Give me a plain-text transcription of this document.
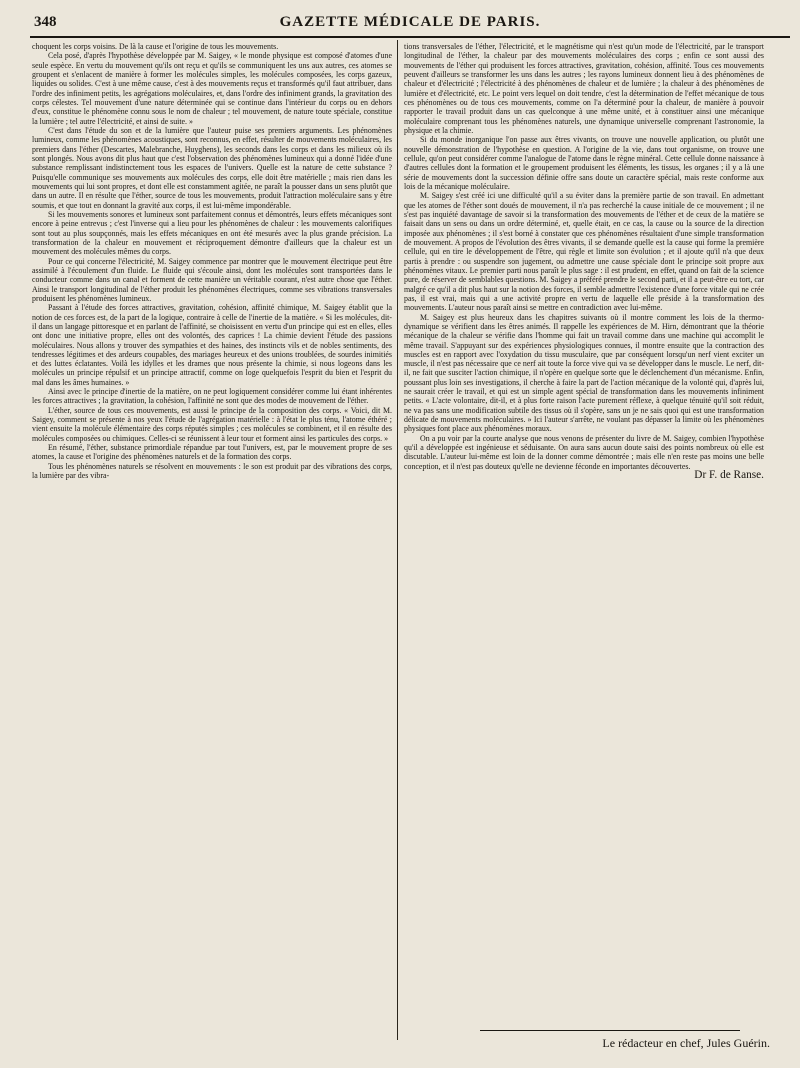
348	GAZETTE MÉDICALE DE PARIS.

choquent les corps voisins. De là la cause et l'origine de tous les mouvements.

Cela posé, d'après l'hypothèse développée par M. Saigey, « le monde physique est composé d'atomes d'une seule espèce. En vertu du mouvement qu'ils ont reçu et qu'ils se communiquent les uns aux autres, ces atomes se groupent et s'enlacent de manière à former les molécules simples, les molécules composées, les corps gazeux, liquides ou solides. C'est à une même cause, c'est à des mouvements reçus et transformés qu'il faut attribuer, dans l'ordre des infiniment petits, les agrégations moléculaires, et, dans l'ordre des infiniment grands, la gravitation des corps célestes. Tel mouvement d'une nature déterminée qui se continue dans l'intérieur du corps ou en dehors d'eux, constitue le phénomène connu sous le nom de chaleur ; tel mouvement, de nature toute spéciale, constitue la lumière ; tel autre l'électricité, et ainsi de suite. »

C'est dans l'étude du son et de la lumière que l'auteur puise ses premiers arguments. Les phénomènes lumineux, comme les phénomènes acoustiques, sont reconnus, en effet, résulter de mouvements moléculaires, les premiers dans l'éther (Descartes, Malebranche, Huyghens), les seconds dans les corps et dans les milieux où ils sont plongés. Nous avons dit plus haut que c'est l'observation des phénomènes lumineux qui a donné l'idée d'une substance remplissant indistinctement tous les espaces de l'univers. Quelle est la nature de cette substance ? Puisqu'elle communique ses mouvements aux molécules des corps, elle doit être matérielle ; mais rien dans les mouvements qui lui sont propres, et dont elle est constamment agitée, ne paraît la pousser dans un sens plutôt que dans un autre. Il en résulte que l'éther, source de tous les mouvements, produit l'attraction moléculaire sans y être soumis, et que tout en donnant la gravité aux corps, il est lui-même impondérable.

Si les mouvements sonores et lumineux sont parfaitement connus et démontrés, leurs effets mécaniques sont encore à peine entrevus ; c'est l'inverse qui a lieu pour les phénomènes de chaleur : les mouvements calorifiques sont tout au plus soupçonnés, mais les effets mécaniques en ont été mesurés avec la plus grande précision. La transformation de la chaleur en mouvement et réciproquement démontre d'ailleurs que la chaleur est un mouvement des molécules mêmes du corps.

Pour ce qui concerne l'électricité, M. Saigey commence par montrer que le mouvement électrique peut être assimilé à l'écoulement d'un fluide. Le fluide qui s'écoule ainsi, dont les molécules sont transportées dans le conducteur comme dans un canal et forment de cette manière un véritable courant, n'est autre chose que l'éther. Ainsi le transport longitudinal de l'éther produit les phénomènes électriques, comme ses vibrations transversales produisent les phénomènes lumineux.

Passant à l'étude des forces attractives, gravitation, cohésion, affinité chimique, M. Saigey établit que la notion de ces forces est, de la part de la logique, contraire à celle de l'inertie de la matière. « Si les molécules, dit-il dans un langage pittoresque et en parlant de l'affinité, se choisissent en vertu d'un principe qui est en elles, elles ont donc une initiative propre, elles ont des volontés, des caprices ! La chimie devient l'étude des passions moléculaires. Nous allons y trouver des sympathies et des haines, des instincts vils et de nobles sentiments, des tendresses légitimes et des ardeurs coupables, des mariages heureux et des unions troublées, de sourdes inimitiés et des luttes éclatantes. Voilà les idylles et les drames que nous présente la chimie, si nous logeons dans les molécules un principe répulsif et un principe attractif, comme on loge quelquefois l'esprit du bien et l'esprit du mal dans les âmes humaines. »

Ainsi avec le principe d'inertie de la matière, on ne peut logiquement considérer comme lui étant inhérentes les forces attractives ; la gravitation, la cohésion, l'affinité ne sont que des modes de mouvement de l'éther.

L'éther, source de tous ces mouvements, est aussi le principe de la composition des corps. « Voici, dit M. Saigey, comment se présente à nos yeux l'étude de l'agrégation matérielle : à l'état le plus ténu, l'atome éthéré ; vient ensuite la molécule élémentaire des corps réputés simples ; ces molécules se combinent, et il en résulte des molécules composées ou chimiques. Celles-ci se réunissent à leur tour et forment ainsi les particules des corps. »

En résumé, l'éther, substance primordiale répandue par tout l'univers, est, par le mouvement propre de ses atomes, la cause et l'origine des phénomènes naturels et de la formation des corps.

Tous les phénomènes naturels se résolvent en mouvements : le son est produit par des vibrations des corps, la lumière par des vibra-

tions transversales de l'éther, l'électricité, et le magnétisme qui n'est qu'un mode de l'électricité, par le transport longitudinal de l'éther, la chaleur par des mouvements moléculaires des corps ; enfin ce sont aussi des mouvements de l'éther qui produisent les forces attractives, gravitation, cohésion, affinité. Tous ces mouvements peuvent d'ailleurs se transformer les uns dans les autres ; les rayons lumineux donnent lieu à des phénomènes de chaleur et d'électricité ; l'électricité à des phénomènes de chaleur et de lumière ; la chaleur à des phénomènes de lumière et d'électricité, etc. Le point vers lequel on doit tendre, c'est la détermination de l'effet mécanique de tous ces phénomènes ou de tous ces mouvements, comme on l'a déterminé pour la chaleur, de manière à pouvoir rapporter le travail produit dans un cas quelconque à une même unité, et à constituer ainsi une mécanique moléculaire comprenant tous les phénomènes naturels, une dynamique universelle comprenant l'astronomie, la physique et la chimie.

Si du monde inorganique l'on passe aux êtres vivants, on trouve une nouvelle application, ou plutôt une nouvelle démonstration de l'hypothèse en question. A l'origine de la vie, dans tout organisme, on trouve une cellule, qu'on peut considérer comme l'analogue de l'atome dans le règne minéral. Cette cellule donne naissance à d'autres cellules dont la formation et le groupement produisent les éléments, les tissus, les organes ; il y a là une série de mouvements dont la succession définie offre sans doute un caractère spécial, mais reste conforme aux lois de la mécanique moléculaire.

M. Saigey s'est créé ici une difficulté qu'il a su éviter dans la première partie de son travail. En admettant que les atomes de l'éther sont doués de mouvement, il n'a pas recherché la cause initiale de ce mouvement ; il ne s'est pas inquiété davantage de savoir si la transformation des mouvements de l'éther et de ceux de la matière se faisait dans un sens ou dans un ordre déterminé, et, quelle était, en ce cas, la cause ou la source de la direction imposée aux phénomènes ; il s'est borné à constater que ces phénomènes résultaient d'une simple transformation de mouvement. A propos de l'évolution des êtres vivants, il se demande quelle est la cause qui forme la première cellule, qui en tire le développement de l'être, qui règle et limite son évolution ; et il ajoute qu'il n'a que deux partis à prendre : ou suspendre son jugement, ou admettre une cause spéciale dont le principe soit propre aux phénomènes vitaux. Le premier parti nous paraît le plus sage : il est prudent, en effet, quand on fait de la science pure, de réserver de semblables questions. M. Saigey a préféré prendre le second parti, et il a peut-être eu tort, car malgré ce qu'il a dit plus haut sur la notion des forces, il semble admettre l'existence d'une force vitale qui ne crée pas, il est vrai, mais qui a une activité propre en vertu de laquelle elle préside à la transformation des mouvements. L'auteur nous paraît ainsi se mettre en contradiction avec lui-même.

M. Saigey est plus heureux dans les chapitres suivants où il montre comment les lois de la thermo-dynamique se vérifient dans les êtres animés. Il rappelle les expériences de M. Hirn, démontrant que la théorie mécanique de la chaleur se vérifie dans l'homme qui fait un travail comme dans une machine qui accomplit le même travail. S'appuyant sur des expériences physiologiques connues, il montre ensuite que la contraction des muscles est en rapport avec l'oxydation du tissu musculaire, que par conséquent lorsqu'un nerf vient exciter un muscle, il n'est pas nécessaire que ce nerf ait toute la force vive qui va se développer dans le muscle. Le nerf, dit-il, ne fait que susciter l'action chimique, il n'opère en quelque sorte que le déclenchement d'un mécanisme. Enfin, poussant plus loin ses investigations, il cherche à faire la part de l'action mécanique de la volonté qui, d'après lui, ne saurait créer le travail, et qui est un simple agent spécial de transformation dans les mouvements infiniment petits. « L'acte volontaire, dit-il, et à plus forte raison l'acte purement réflexe, à quelque ténuité qu'il soit réduit, ne va pas sans une modification subtile des tissus où il s'opère, sans un je ne sais quoi qui est une transformation délicate de mouvements moléculaires. » Ici l'auteur s'arrête, ne voulant pas dépasser la limite où les phénomènes physiques font place aux phénomènes moraux.

On a pu voir par la courte analyse que nous venons de présenter du livre de M. Saigey, combien l'hypothèse qu'il a développée est ingénieuse et séduisante. On aura sans aucun doute saisi des points nombreux où elle est discutable. L'auteur lui-même est loin de la donner comme démontrée ; mais elle n'en reste pas moins une belle conception, et il n'est pas douteux qu'elle ne devienne féconde en importantes découvertes.

Dr F. de Ranse.

Le rédacteur en chef, Jules Guérin.
